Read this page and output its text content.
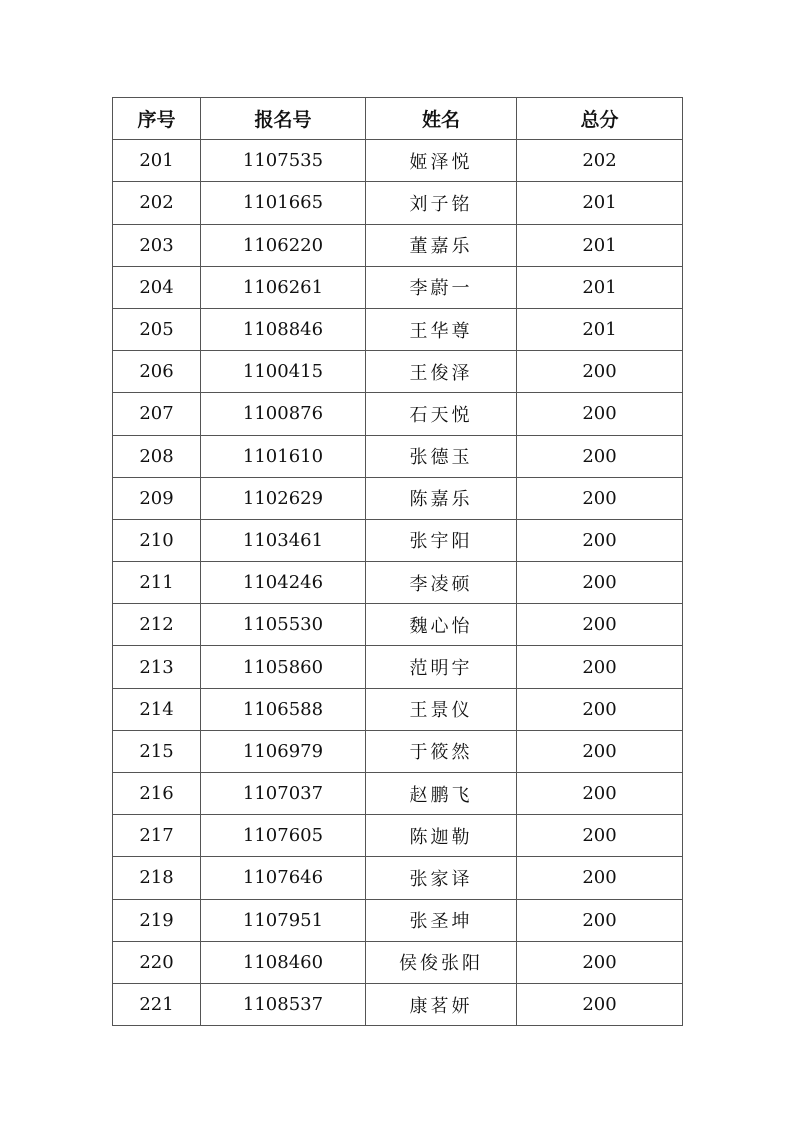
序号	报名号	姓名	总分
201	1107535	姬泽悦	202
202	1101665	刘子铭	201
203	1106220	董嘉乐	201
204	1106261	李蔚一	201
205	1108846	王华尊	201
206	1100415	王俊泽	200
207	1100876	石天悦	200
208	1101610	张德玉	200
209	1102629	陈嘉乐	200
210	1103461	张宇阳	200
211	1104246	李凌硕	200
212	1105530	魏心怡	200
213	1105860	范明宇	200
214	1106588	王景仪	200
215	1106979	于筱然	200
216	1107037	赵鹏飞	200
217	1107605	陈迦勒	200
218	1107646	张家译	200
219	1107951	张圣坤	200
220	1108460	侯俊张阳	200
221	1108537	康茗妍	200
